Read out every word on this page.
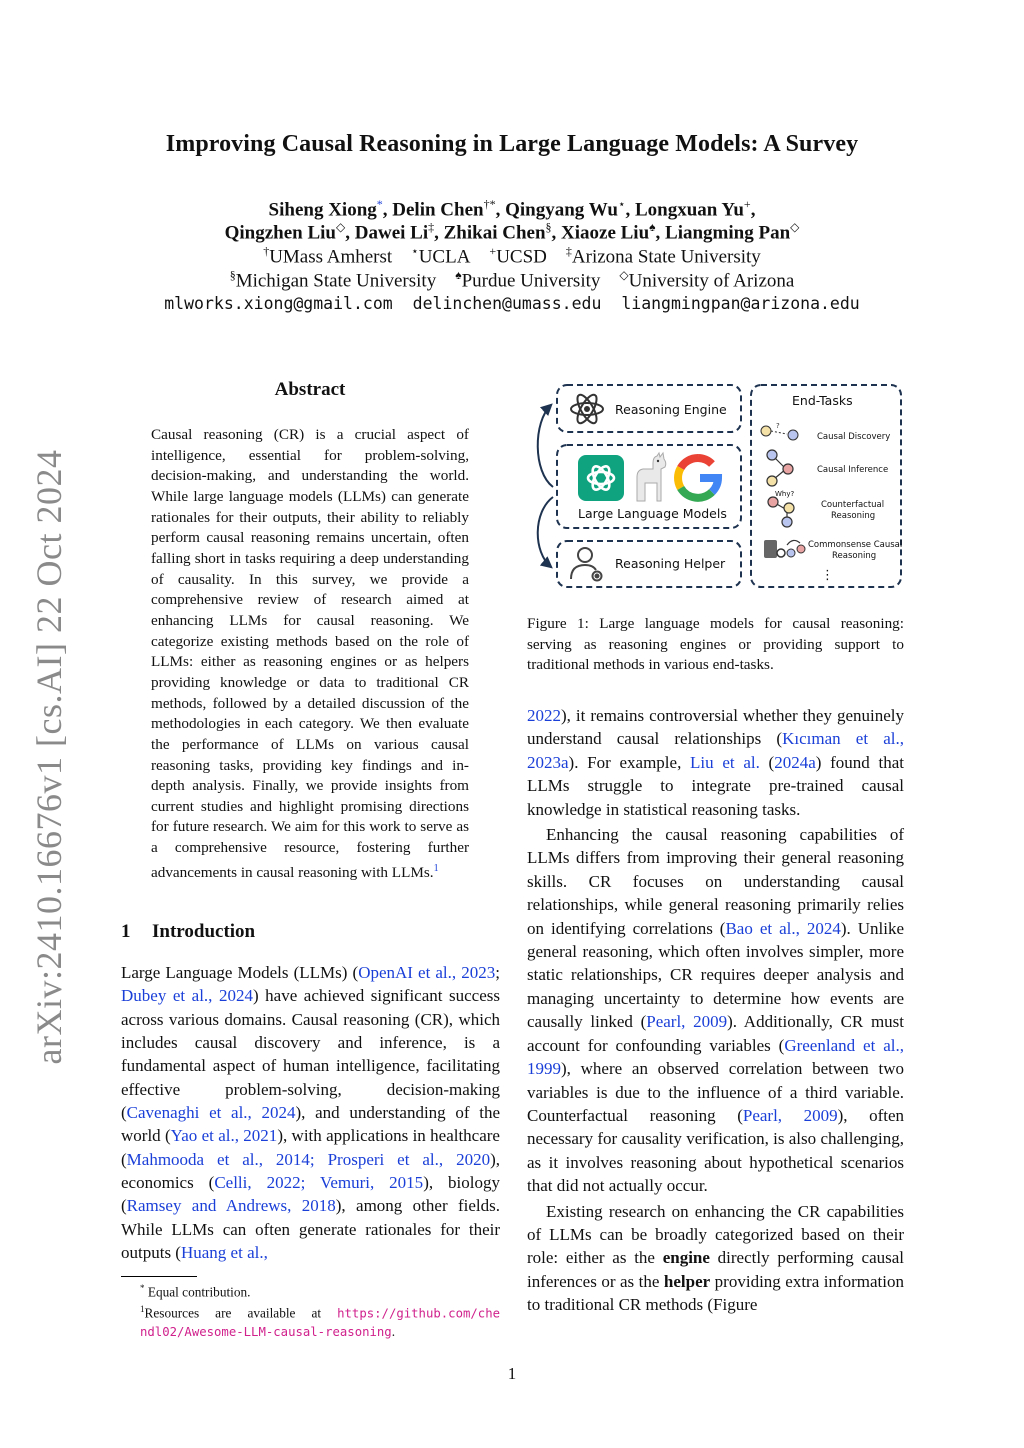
arXiv:2410.16676v1 [cs.AI] 22 Oct 2024
Improving Causal Reasoning in Large Language Models: A Survey
Siheng Xiong*, Delin Chen†*, Qingyang Wu⋆, Longxuan Yu+,
Qingzhen Liu◇, Dawei Li‡, Zhikai Chen§, Xiaoze Liu♠, Liangming Pan◇
†UMass Amherst ⋆UCLA +UCSD ‡Arizona State University
§Michigan State University ♠Purdue University ◇University of Arizona
mlworks.xiong@gmail.com delinchen@umass.edu liangmingpan@arizona.edu
Abstract
Causal reasoning (CR) is a crucial aspect of intelligence, essential for problem-solving, decision-making, and understanding the world. While large language models (LLMs) can generate rationales for their outputs, their ability to reliably perform causal reasoning remains uncertain, often falling short in tasks requiring a deep understanding of causality. In this survey, we provide a comprehensive review of research aimed at enhancing LLMs for causal reasoning. We categorize existing methods based on the role of LLMs: either as reasoning engines or as helpers providing knowledge or data to traditional CR methods, followed by a detailed discussion of the methodologies in each category. We then evaluate the performance of LLMs on various causal reasoning tasks, providing key findings and in-depth analysis. Finally, we provide insights from current studies and highlight promising directions for future research. We aim for this work to serve as a comprehensive resource, fostering further advancements in causal reasoning with LLMs.$^1$
1 Introduction
Large Language Models (LLMs) (OpenAI et al., 2023; Dubey et al., 2024) have achieved significant success across various domains. Causal reasoning (CR), which includes causal discovery and inference, is a fundamental aspect of human intelligence, facilitating effective problem-solving, decision-making (Cavenaghi et al., 2024), and understanding of the world (Yao et al., 2021), with applications in healthcare (Mahmooda et al., 2014; Prosperi et al., 2020), economics (Celli, 2022; Vemuri, 2015), biology (Ramsey and Andrews, 2018), among other fields. While LLMs can often generate rationales for their outputs (Huang et al.,
* Equal contribution.
$^1$Resources are available at https://github.com/chendl02/Awesome-LLM-causal-reasoning.
Reasoning Engine
Large Language Models
Reasoning Helper
End-Tasks
?
Causal Discovery
Causal Inference
Why?
Counterfactual
Reasoning
Commonsense Causal
Reasoning
⋮
Figure 1: Large language models for causal reasoning: serving as reasoning engines or providing support to traditional methods in various end-tasks.

2022), it remains controversial whether they genuinely understand causal relationships (Kıcıman et al., 2023a). For example, Liu et al. (2024a) found that LLMs struggle to integrate pre-trained causal knowledge in statistical reasoning tasks.

Enhancing the causal reasoning capabilities of LLMs differs from improving their general reasoning skills. CR focuses on understanding causal relationships, while general reasoning primarily relies on identifying correlations (Bao et al., 2024). Unlike general reasoning, which often involves simpler, more static relationships, CR requires deeper analysis and managing uncertainty to determine how events are causally linked (Pearl, 2009). Additionally, CR must account for confounding variables (Greenland et al., 1999), where an observed correlation between two variables is due to the influence of a third variable. Counterfactual reasoning (Pearl, 2009), often necessary for causality verification, is also challenging, as it involves reasoning about hypothetical scenarios that did not actually occur.

Existing research on enhancing the CR capabilities of LLMs can be broadly categorized based on their role: either as the engine directly performing causal inferences or as the helper providing extra information to traditional CR methods (Figure

1
